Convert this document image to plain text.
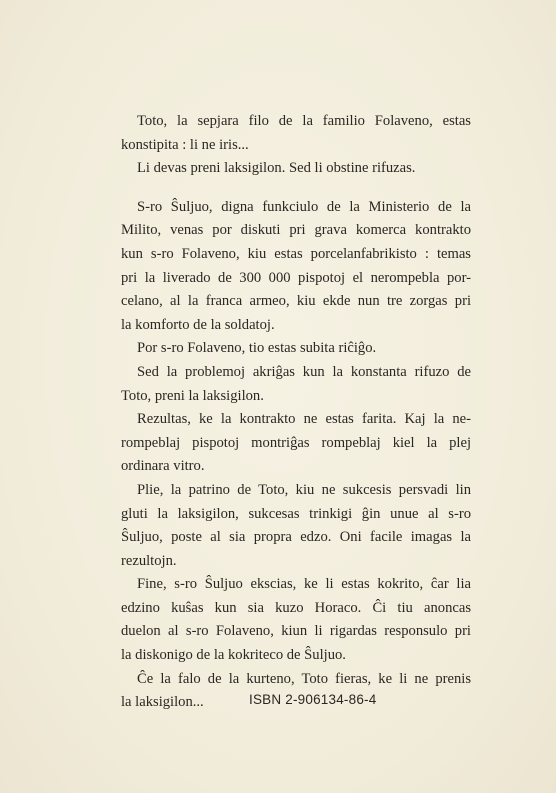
Toto, la sepjara filo de la familio Folaveno, estas
konstipita : li ne iris...
Li devas preni laksigilon. Sed li obstine rifuzas.
S-ro Ŝuljuo, digna funkciulo de la Ministerio de la
Milito, venas por diskuti pri grava komerca kontrakto
kun s-ro Folaveno, kiu estas porcelanfabrikisto : temas
pri la liverado de 300 000 pispotoj el nerompebla por-
celano, al la franca armeo, kiu ekde nun tre zorgas pri
la komforto de la soldatoj.
Por s-ro Folaveno, tio estas subita riĉiĝo.
Sed la problemoj akriĝas kun la konstanta rifuzo de
Toto, preni la laksigilon.
Rezultas, ke la kontrakto ne estas farita. Kaj la ne-
rompeblaj pispotoj montriĝas rompeblaj kiel la plej
ordinara vitro.
Plie, la patrino de Toto, kiu ne sukcesis persvadi lin
gluti la laksigilon, sukcesas trinkigi ĝin unue al s-ro
Ŝuljuo, poste al sia propra edzo. Oni facile imagas la
rezultojn.
Fine, s-ro Ŝuljuo ekscias, ke li estas kokrito, ĉar lia
edzino kuŝas kun sia kuzo Horaco. Ĉi tiu anoncas
duelon al s-ro Folaveno, kiun li rigardas responsulo pri
la diskonigo de la kokriteco de Ŝuljuo.
Ĉe la falo de la kurteno, Toto fieras, ke li ne prenis
la laksigilon...	ISBN 2-906134-86-4
